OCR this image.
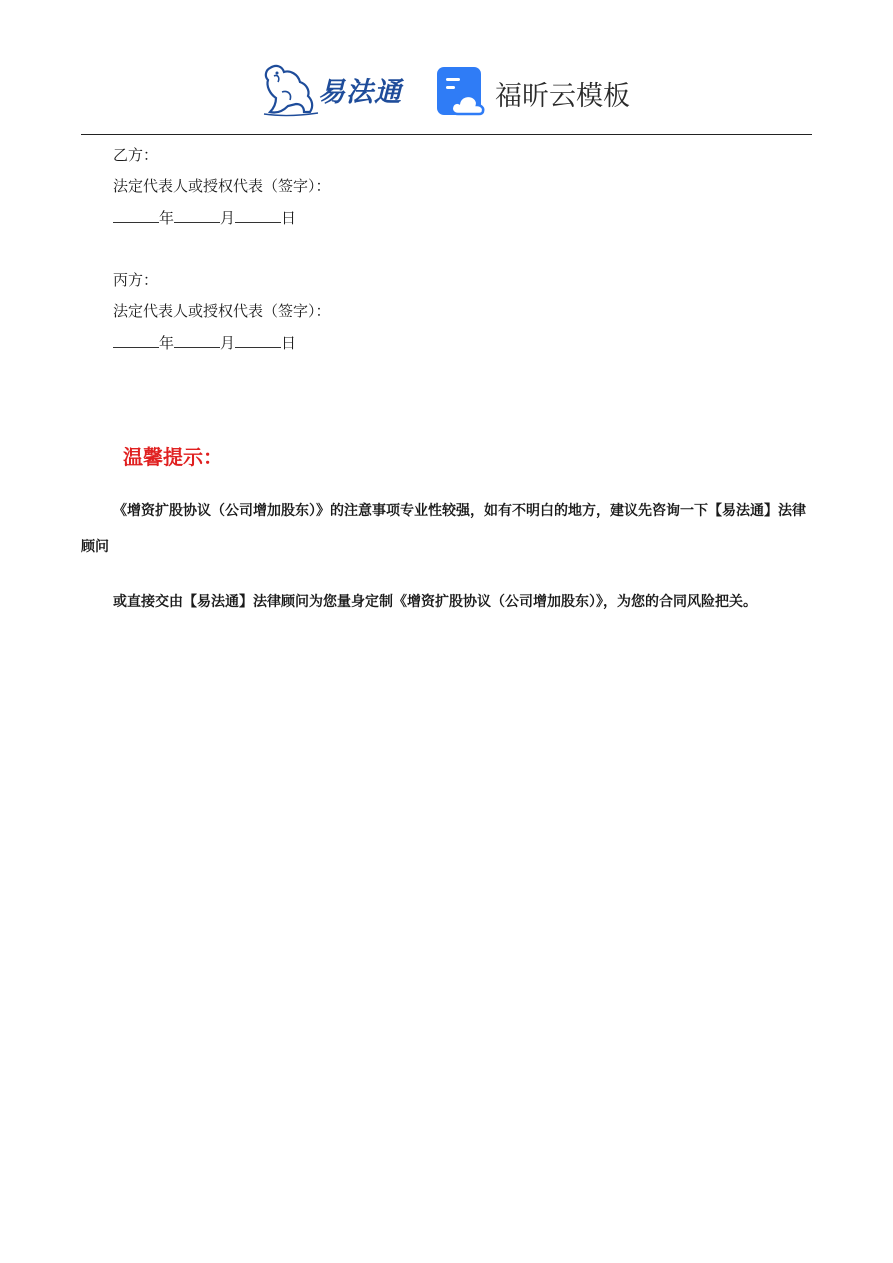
易法通	福昕云模板
乙方：
法定代表人或授权代表（签字）：
年	月	日
丙方：
法定代表人或授权代表（签字）：
年	月	日
温馨提示：
《增资扩股协议（公司增加股东）》的注意事项专业性较强，如有不明白的地方，建议先咨询一下【易法通】法律顾问
或直接交由【易法通】法律顾问为您量身定制《增资扩股协议（公司增加股东）》，为您的合同风险把关。
